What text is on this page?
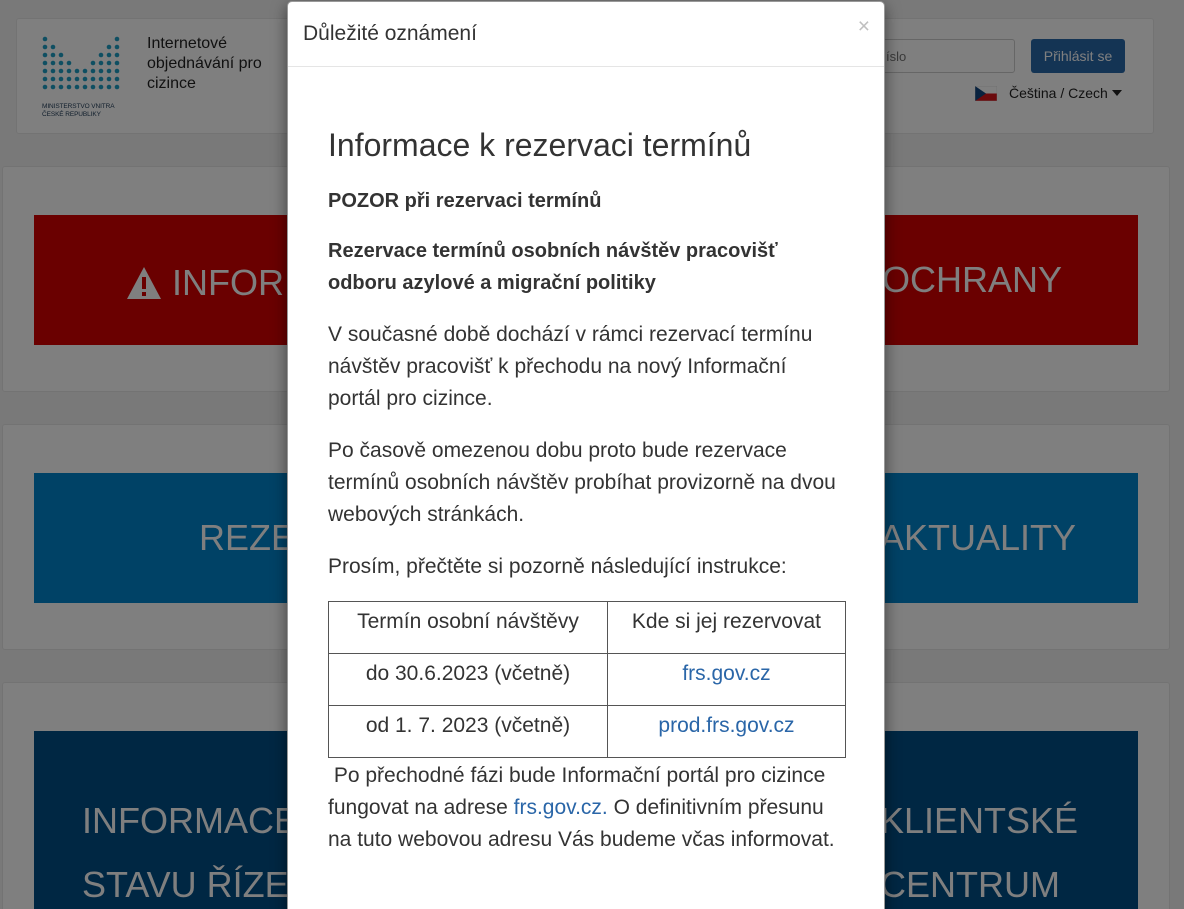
íslo
Důležité oznámení	×
Informace k rezervaci termínů
POZOR při rezervaci termínů
Rezervace termínů osobních návštěv pracovišť odboru azylové a migrační politiky

V současné době dochází v rámci rezervací termínu návštěv pracovišť k přechodu na nový Informační portál pro cizince.

Po časově omezenou dobu proto bude rezervace termínů osobních návštěv probíhat provizorně na dvou webových stránkách.

Prosím, přečtěte si pozorně následující instrukce:

Termín osobní návštěvy	Kde si jej rezervovat
do 30.6.2023 (včetně)	frs.gov.cz
od 1. 7. 2023 (včetně)	prod.frs.gov.cz

Po přechodné fázi bude Informační portál pro cizince fungovat na adrese frs.gov.cz. O definitivním přesunu na tuto webovou adresu Vás budeme včas informovat.
